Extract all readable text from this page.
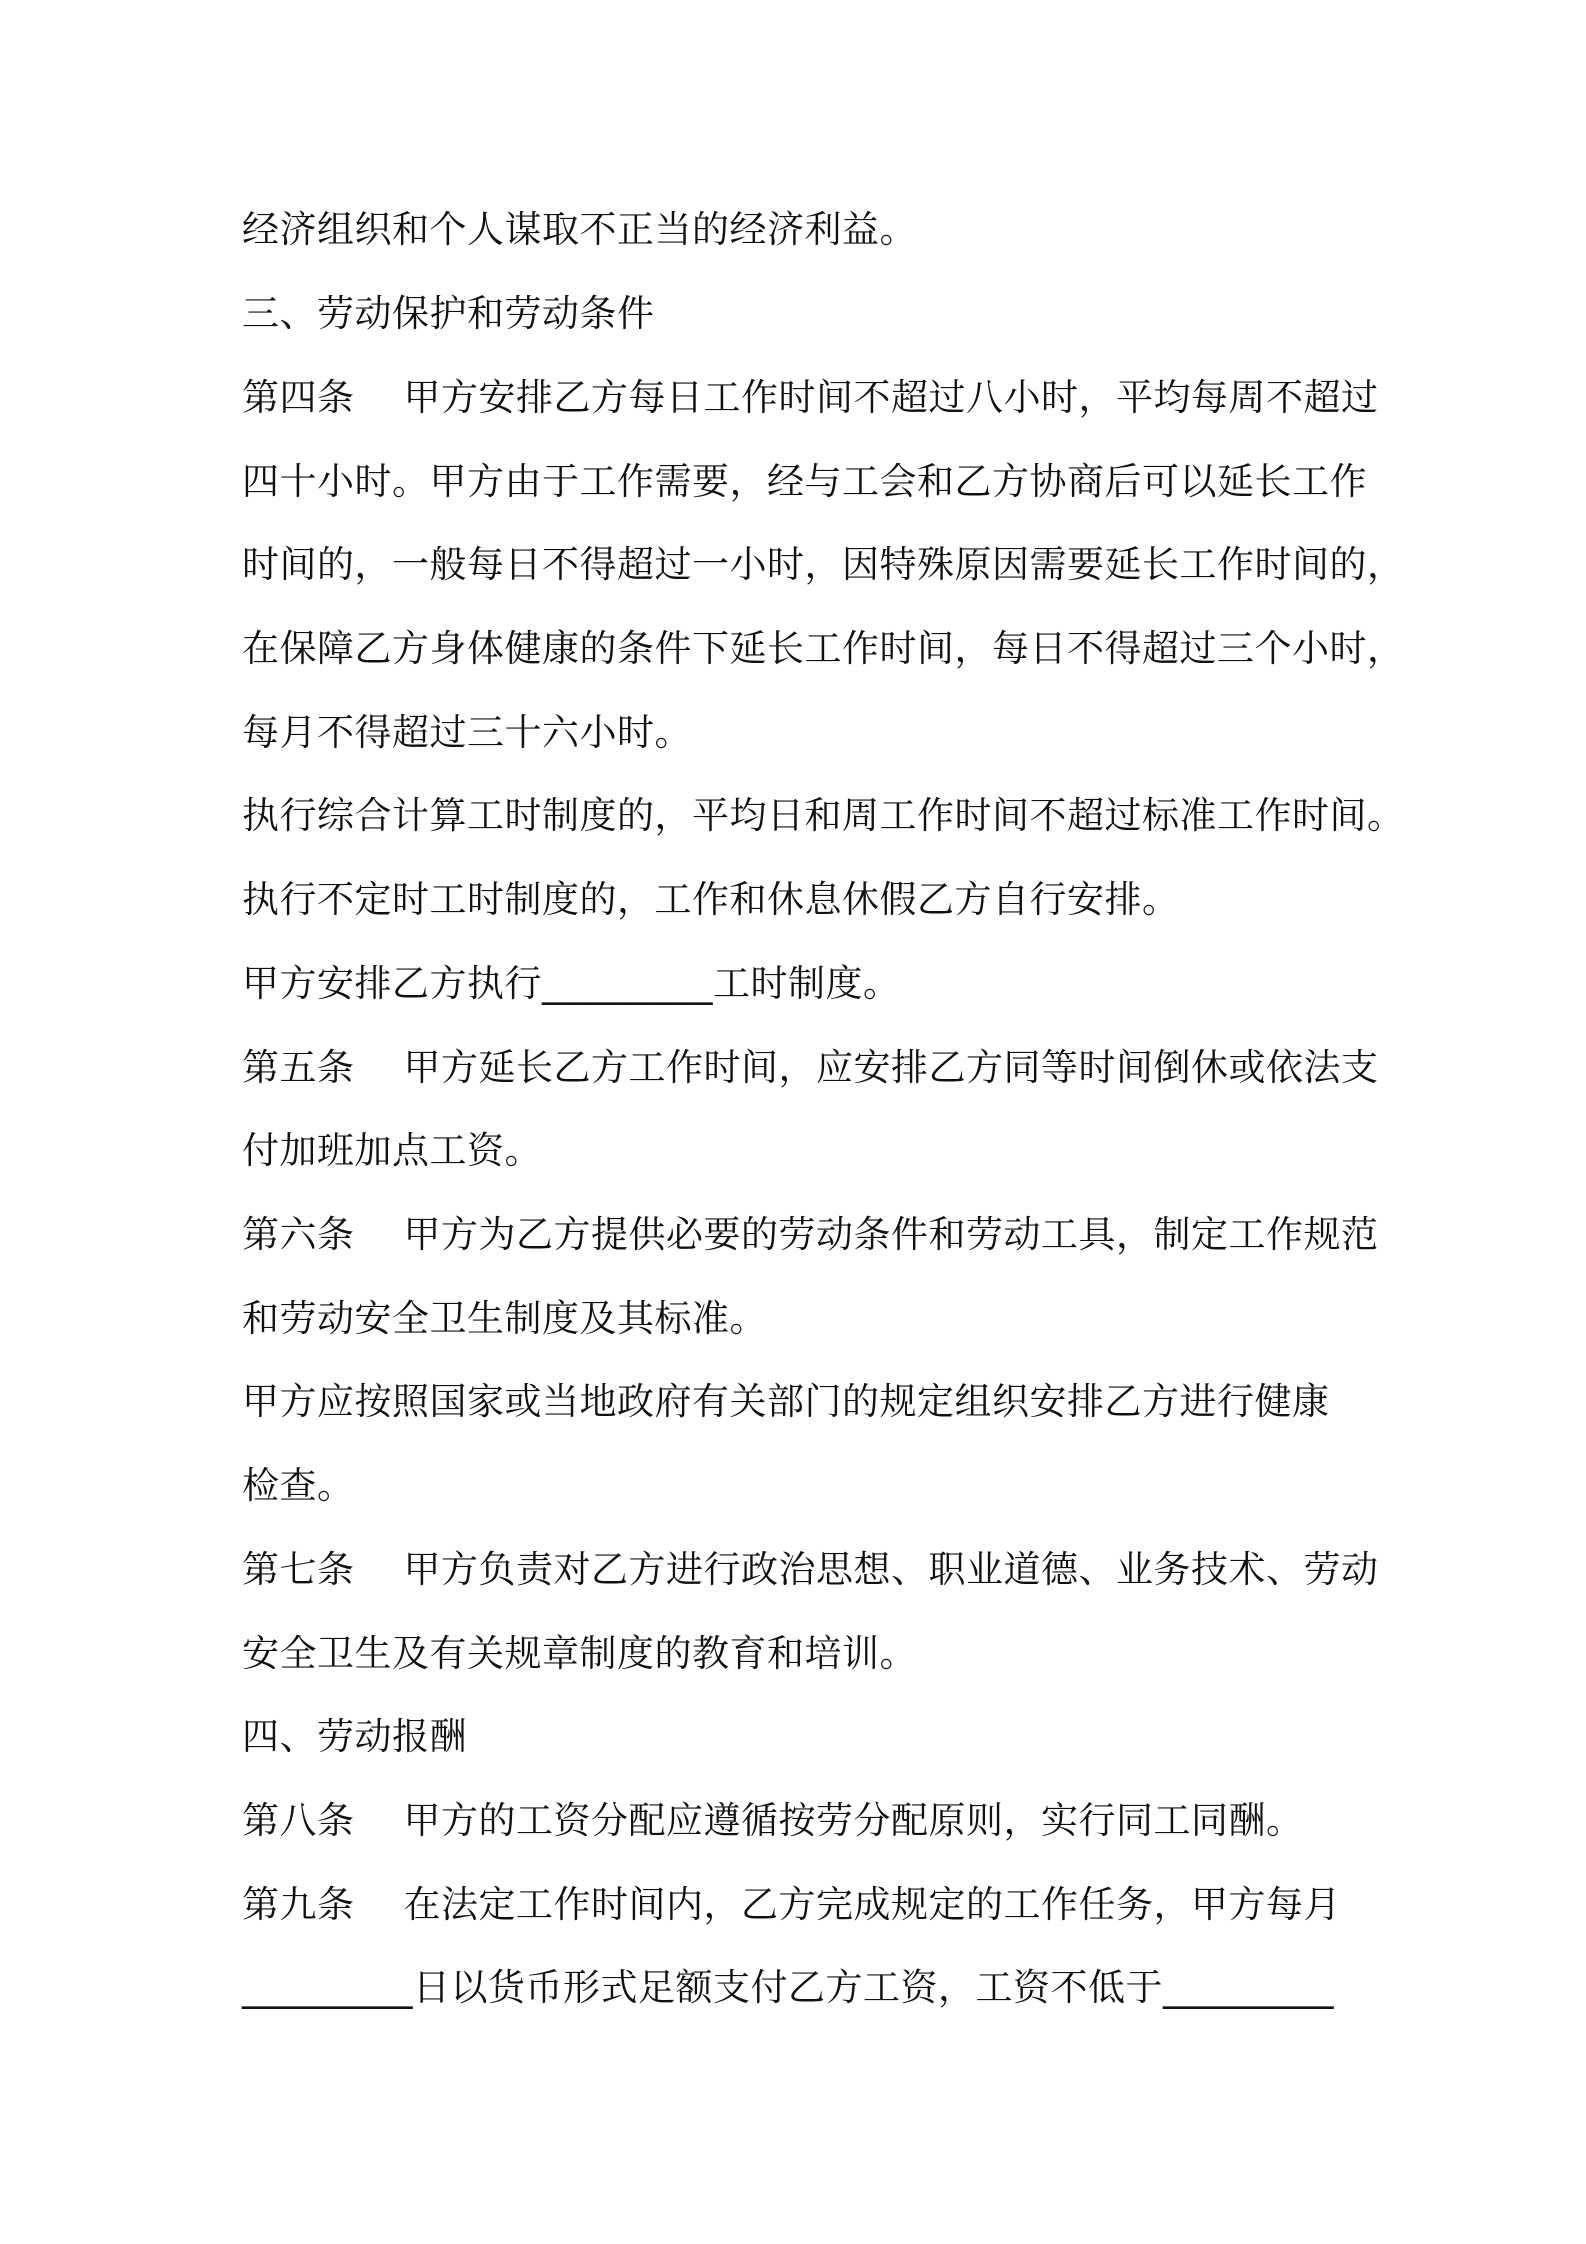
经济组织和个人谋取不正当的经济利益。
三、劳动保护和劳动条件
第四条    甲方安排乙方每日工作时间不超过八小时，平均每周不超过
四十小时。甲方由于工作需要，经与工会和乙方协商后可以延长工作
时间的，一般每日不得超过一小时，因特殊原因需要延长工作时间的，
在保障乙方身体健康的条件下延长工作时间，每日不得超过三个小时，
每月不得超过三十六小时。
执行综合计算工时制度的，平均日和周工作时间不超过标准工作时间。
执行不定时工时制度的，工作和休息休假乙方自行安排。
甲方安排乙方执行_________工时制度。
第五条    甲方延长乙方工作时间，应安排乙方同等时间倒休或依法支
付加班加点工资。
第六条    甲方为乙方提供必要的劳动条件和劳动工具，制定工作规范
和劳动安全卫生制度及其标准。
甲方应按照国家或当地政府有关部门的规定组织安排乙方进行健康
检查。
第七条    甲方负责对乙方进行政治思想、职业道德、业务技术、劳动
安全卫生及有关规章制度的教育和培训。
四、劳动报酬
第八条    甲方的工资分配应遵循按劳分配原则，实行同工同酬。
第九条    在法定工作时间内，乙方完成规定的工作任务，甲方每月
_________日以货币形式足额支付乙方工资，工资不低于_________
